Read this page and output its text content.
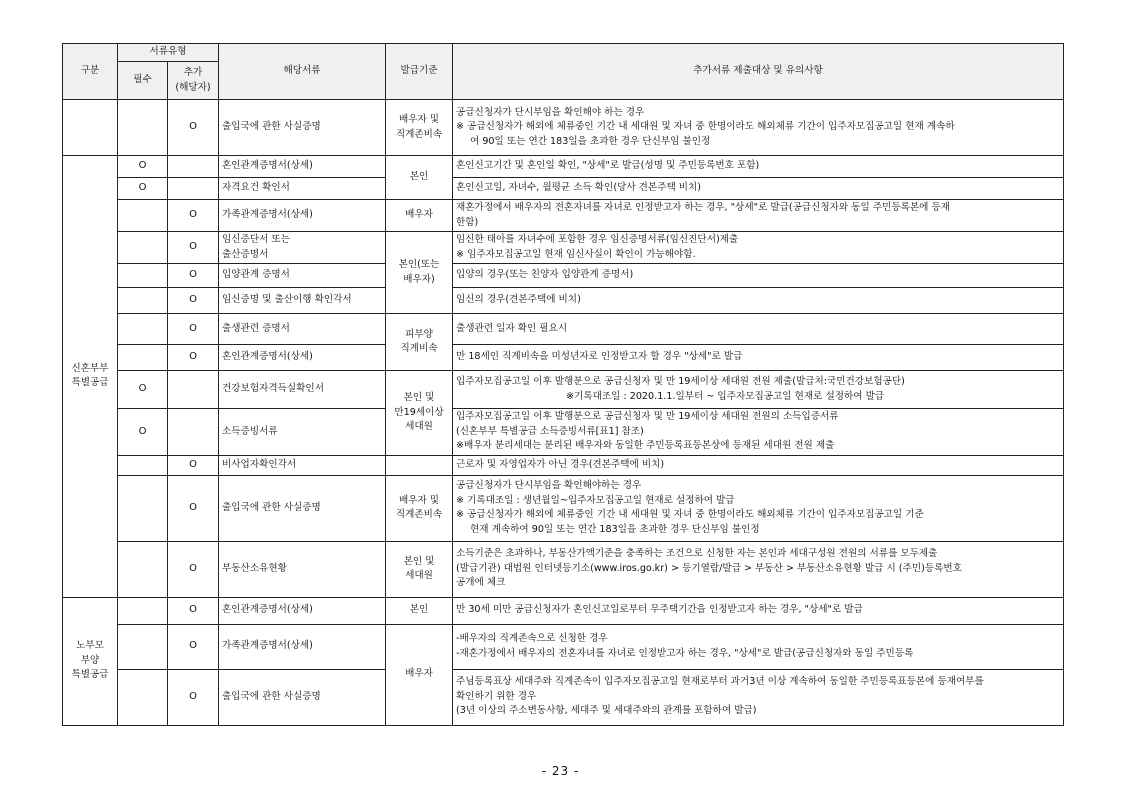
구분	서류유형		해당서류	발급기준	추가서류 제출대상 및 유의사항
	필수	추가
(해당자)			
		O	출입국에 관한 사실증명	배우자 및
직계존비속	공급신청자가 단시부임을 확인해야 하는 경우
※ 공급신청자가 해외에 체류중인 기간 내 세대원 및 자녀 중 한명이라도 해외체류 기간이 입주자모집공고일 현재 계속하
여 90일 또는 연간 183일을 초과한 경우 단신부임 불인정

신혼부부
특별공급	O		혼인관계증명서(상세)	본인	혼인신고기간 및 혼인일 확인, "상세"로 발급(성명 및 주민등록번호 포함)

	O		자격요건 확인서		혼인신고일, 자녀수, 월평균 소득 확인(당사 견본주택 비치)

		O	가족관계증명서(상세)	배우자	재혼가정에서 배우자의 전혼자녀를 자녀로 인정받고자 하는 경우, "상세"로 발급(공급신청자와 동일 주민등록본에 등재
한함)

		O	임신증단서 또는
출산증명서	본인(또는
배우자)	임신한 태아를 자녀수에 포함한 경우 임신증명서류(임신진단서)제출
※ 임주자모집공고일 현재 임신사실이 확인이 가능해야함.

		O	입양관계 증명서		입양의 경우(또는 친양자 입양관계 증명서)

		O	임신증명 및 출산이행 확인각서		임신의 경우(견본주택에 비치)

		O	출생관련 증명서	피부양
직계비속	출생관련 일자 확인 필요시

		O	혼인관계증명서(상세)		만 18세인 직계비속을 미성년자로 인정받고자 할 경우 "상세"로 발급

	O		건강보험자격득실확인서	본인 및
만19세이상
세대원	입주자모집공고일 이후 발행분으로 공급신청자 및 만 19세이상 세대원 전원 제출(발급처:국민건강보험공단)
※기록대조일 : 2020.1.1.일부터 ~ 입주자모집공고일 현재로 설정하여 발급

	O		소득증빙서류		입주자모집공고일 이후 발행분으로 공급신청자 및 만 19세이상 세대원 전원의 소득입증서류
(신혼부부 특별공급 소득증빙서류[표1] 참조)
※배우자 분리세대는 분리된 배우자와 동일한 주민등록표등본상에 등재된 세대원 전원 제출

		O	비사업자확인각서		근로자 및 자영업자가 아닌 경우(견본주택에 비치)

		O	출입국에 관한 사실증명	배우자 및
직계존비속	공급신청자가 단시부임을 확인해야하는 경우
※ 기록대조일 : 생년월일~입주자모집공고일 현재로 설정하여 발급
※ 공급신청자가 해외에 체류중인 기간 내 세대원 및 자녀 중 한명이라도 해외체류 기간이 입주자모집공고일 기준
현재 계속하여 90일 또는 연간 183일을 초과한 경우 단신부임 불인정

		O	부동산소유현황	본인 및
세대원	소득기준은 초과하나, 부동산가액기준을 충족하는 조건으로 신청한 자는 본인과 세대구성원 전원의 서류를 모두제출
(발급기관) 대법원 인터넷등기소(www.iros.go.kr) > 등기열람/발급 > 부동산 > 부동산소유현황 발급 시 (주민)등록번호
공개에 체크

노부모
부양
특별공급		O	혼인관계증명서(상세)	본인	만 30세 미만 공급신청자가 혼인신고일로부터 무주택기간을 인정받고자 하는 경우, "상세"로 발급

		O	가족관계증명서(상세)	배우자	-배우자의 직계존속으로 신청한 경우
-재혼가정에서 배우자의 전혼자녀를 자녀로 인정받고자 하는 경우, "상세"로 발급(공급신청자와 동일 주민등록

		O	출입국에 관한 사실증명		주님등록표상 세대주와 직계존속이 입주자모집공고일 현재로부터 과거3년 이상 계속하여 동일한 주민등록표등본에 등재여부를
확인하기 위한 경우
(3년 이상의 주소변동사항, 세대주 및 세대주와의 관계를 포함하여 발급)
- 23 -
